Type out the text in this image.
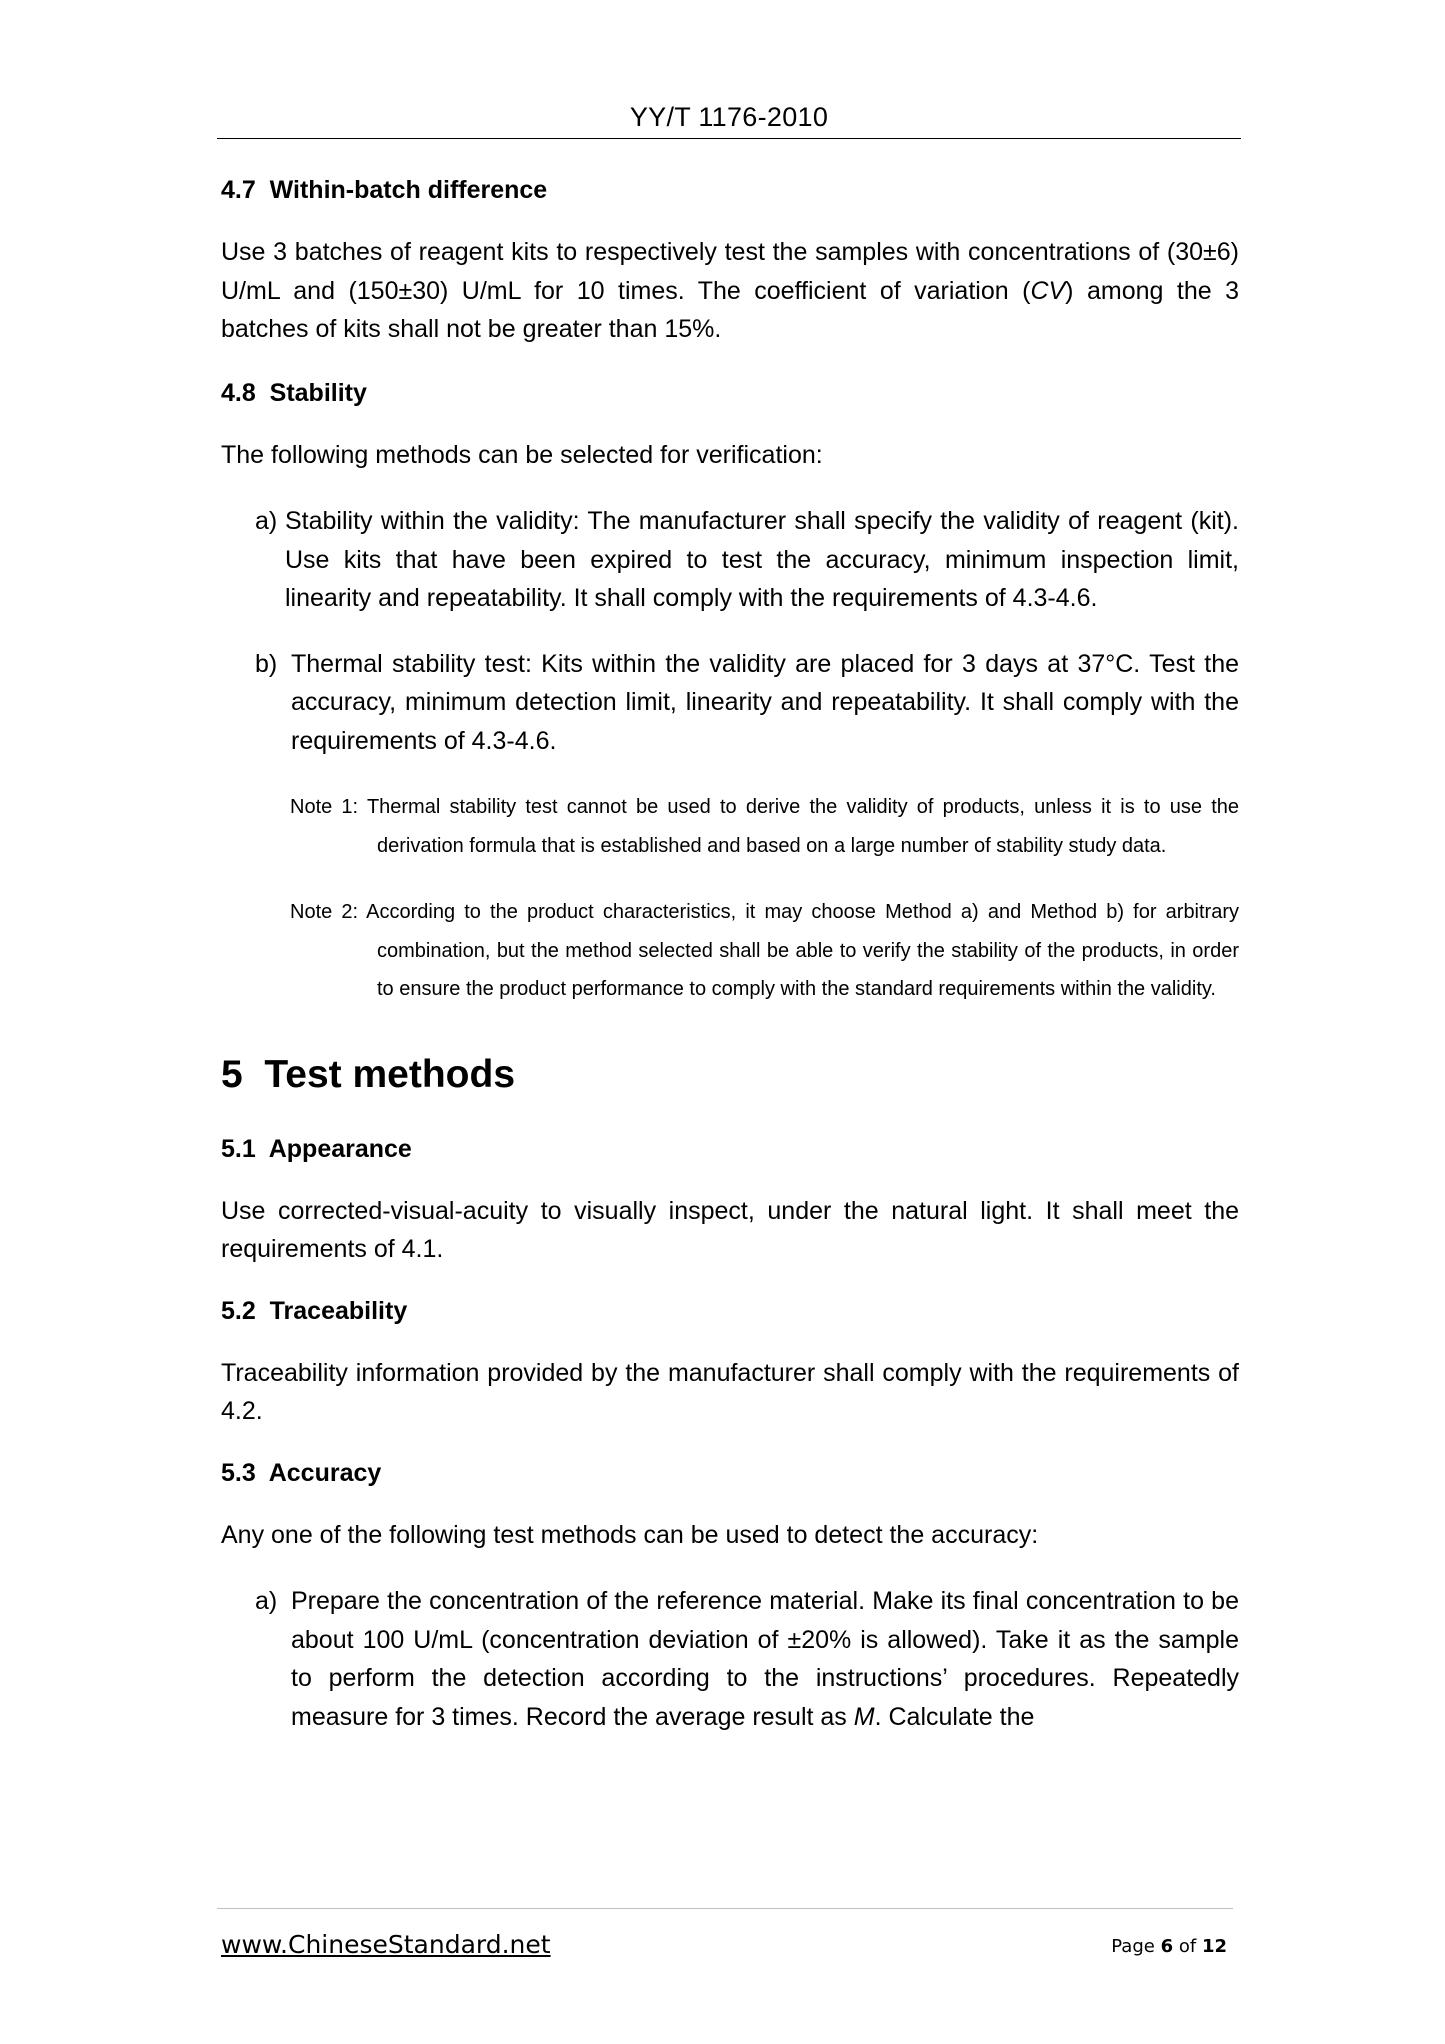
YY/T 1176-2010
4.7  Within-batch difference

Use 3 batches of reagent kits to respectively test the samples with concentrations of (30±6) U/mL and (150±30) U/mL for 10 times. The coefficient of variation (CV) among the 3 batches of kits shall not be greater than 15%.

4.8  Stability

The following methods can be selected for verification:

a) Stability within the validity: The manufacturer shall specify the validity of reagent (kit). Use kits that have been expired to test the accuracy, minimum inspection limit, linearity and repeatability. It shall comply with the requirements of 4.3-4.6.
b) Thermal stability test: Kits within the validity are placed for 3 days at 37°C. Test the accuracy, minimum detection limit, linearity and repeatability. It shall comply with the requirements of 4.3-4.6.
Note 1: Thermal stability test cannot be used to derive the validity of products, unless it is to use the derivation formula that is established and based on a large number of stability study data.
Note 2: According to the product characteristics, it may choose Method a) and Method b) for arbitrary combination, but the method selected shall be able to verify the stability of the products, in order to ensure the product performance to comply with the standard requirements within the validity.
5  Test methods
5.1  Appearance

Use corrected-visual-acuity to visually inspect, under the natural light. It shall meet the requirements of 4.1.

5.2  Traceability

Traceability information provided by the manufacturer shall comply with the requirements of 4.2.

5.3  Accuracy

Any one of the following test methods can be used to detect the accuracy:

a) Prepare the concentration of the reference material. Make its final concentration to be about 100 U/mL (concentration deviation of ±20% is allowed). Take it as the sample to perform the detection according to the instructions’ procedures. Repeatedly measure for 3 times. Record the average result as M. Calculate the
www.ChineseStandard.net	Page 6 of 12
